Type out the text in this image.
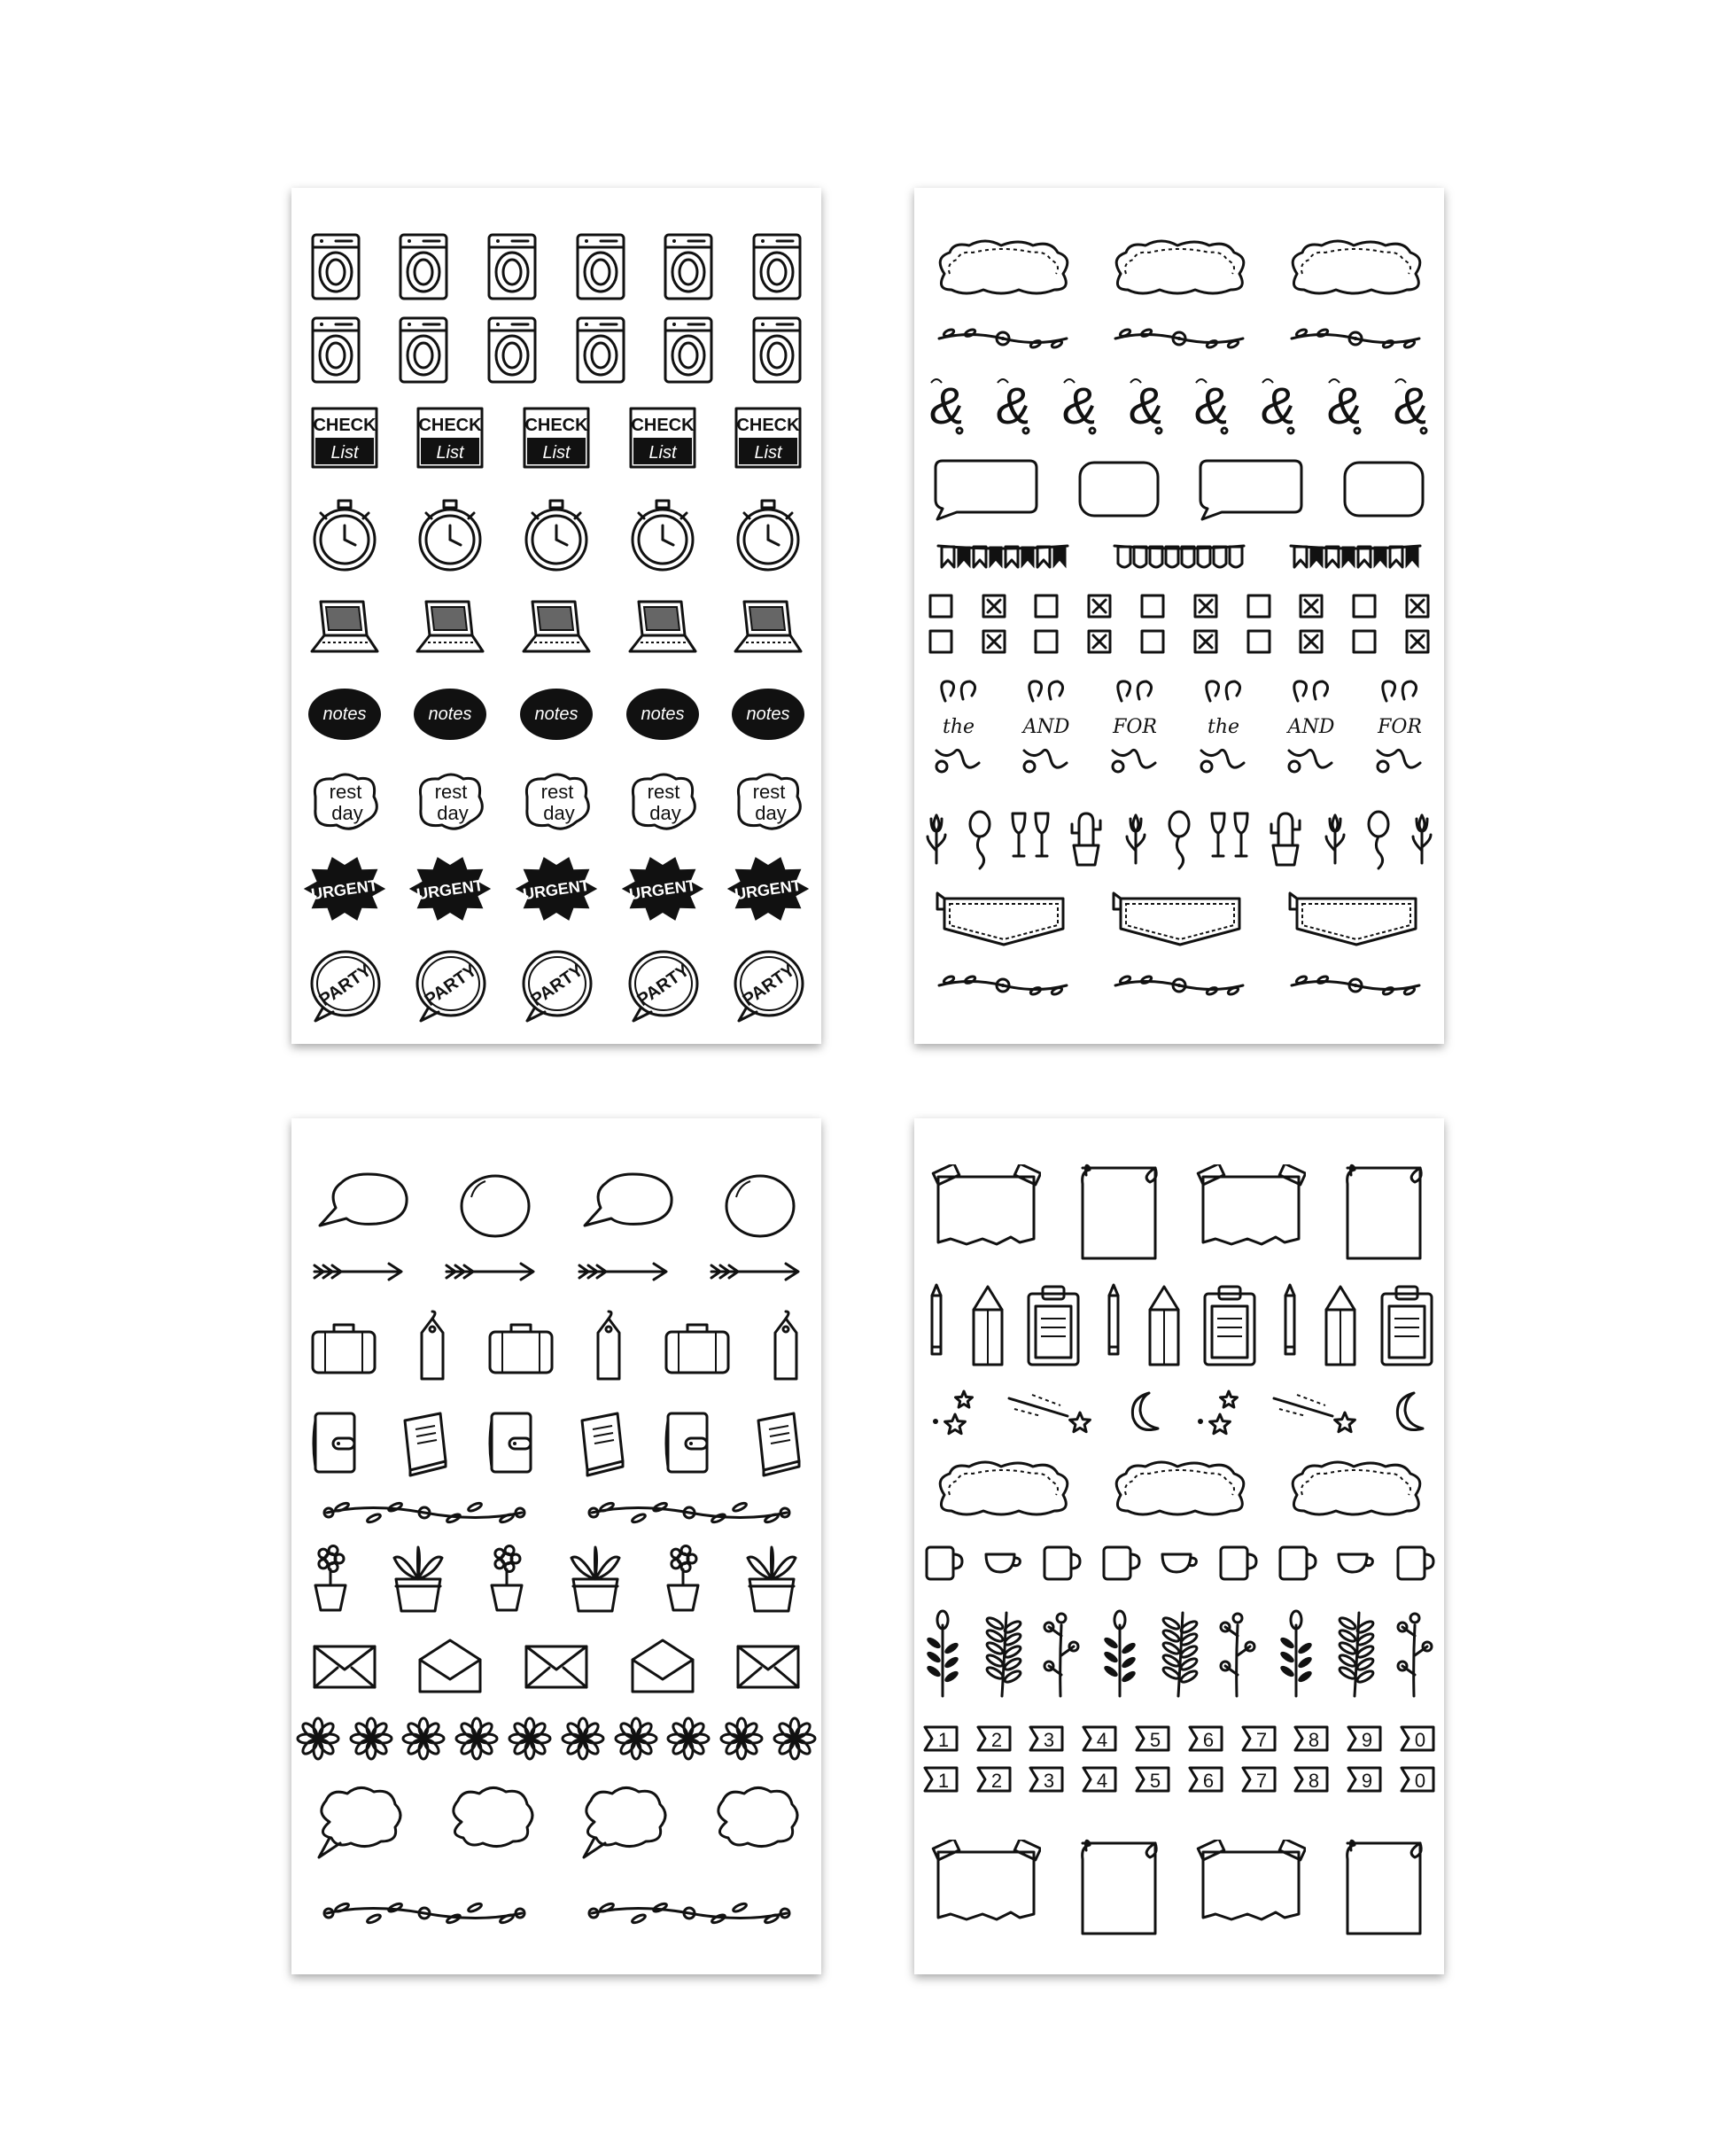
CHECK
List
CHECK
List
CHECK
List
CHECK
List
CHECK
List
notes	notes	notes	notes	notes
rest
day
rest
day
rest
day
rest
day
rest
day
URGENT URGENT URGENT URGENT URGENT
PARTY	PARTY	PARTY	PARTY	PARTY
& & & & & & & &
the	AND FOR	the	AND FOR
1 2 3 4 5 6 7 8 9 0
1 2 3 4 5 6 7 8 9 0
